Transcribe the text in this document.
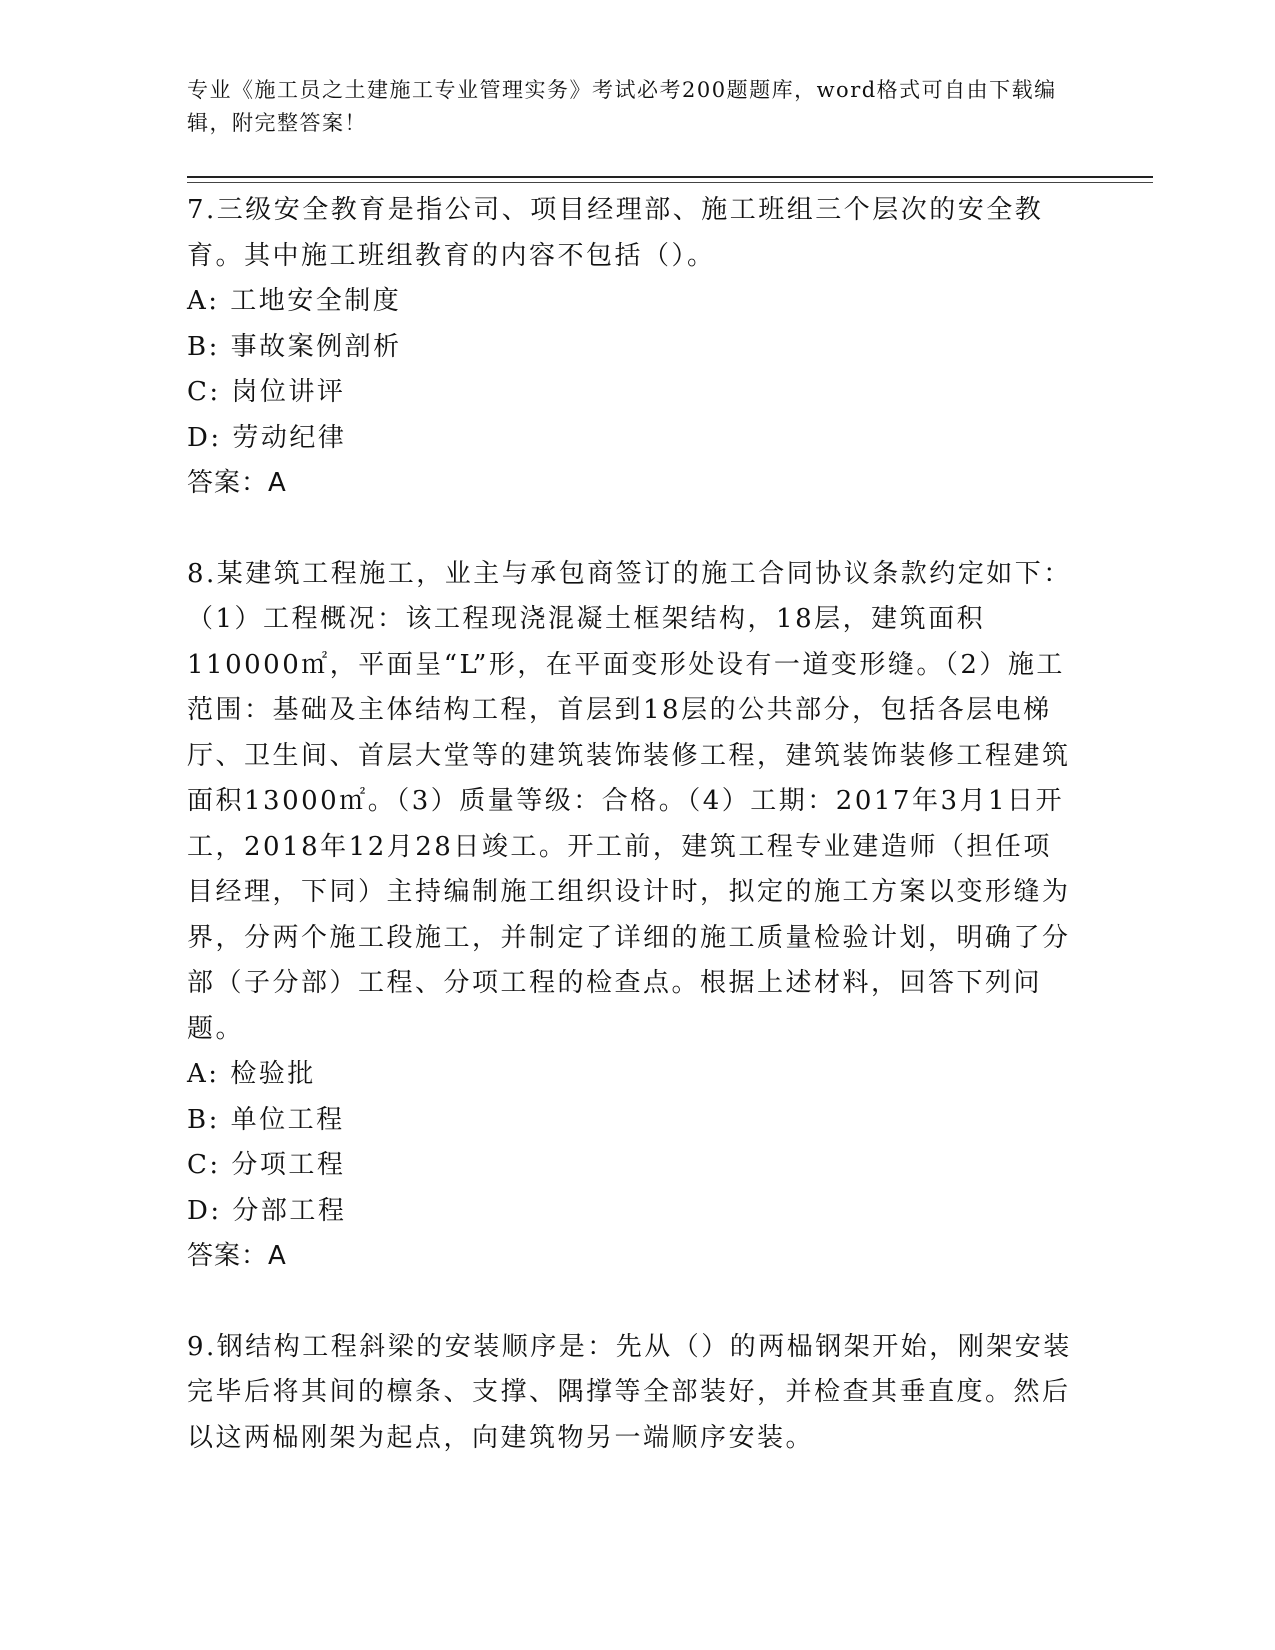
专业《施工员之土建施工专业管理实务》考试必考200题题库，word格式可自由下载编辑，附完整答案！

7.三级安全教育是指公司、项目经理部、施工班组三个层次的安全教育。其中施工班组教育的内容不包括（）。

A: 工地安全制度

B: 事故案例剖析

C: 岗位讲评

D: 劳动纪律

答案：A

8.某建筑工程施工，业主与承包商签订的施工合同协议条款约定如下：（1）工程概况：该工程现浇混凝土框架结构，18层，建筑面积110000㎡，平面呈“L”形，在平面变形处设有一道变形缝。（2）施工范围：基础及主体结构工程，首层到18层的公共部分，包括各层电梯厅、卫生间、首层大堂等的建筑装饰装修工程，建筑装饰装修工程建筑面积13000㎡。（3）质量等级：合格。（4）工期：2017年3月1日开工，2018年12月28日竣工。开工前，建筑工程专业建造师（担任项目经理，下同）主持编制施工组织设计时，拟定的施工方案以变形缝为界，分两个施工段施工，并制定了详细的施工质量检验计划，明确了分部（子分部）工程、分项工程的检查点。根据上述材料，回答下列问题。

A: 检验批

B: 单位工程

C: 分项工程

D: 分部工程

答案：A

9.钢结构工程斜梁的安装顺序是：先从（）的两榀钢架开始，刚架安装完毕后将其间的檩条、支撑、隅撑等全部装好，并检查其垂直度。然后以这两榀刚架为起点，向建筑物另一端顺序安装。
